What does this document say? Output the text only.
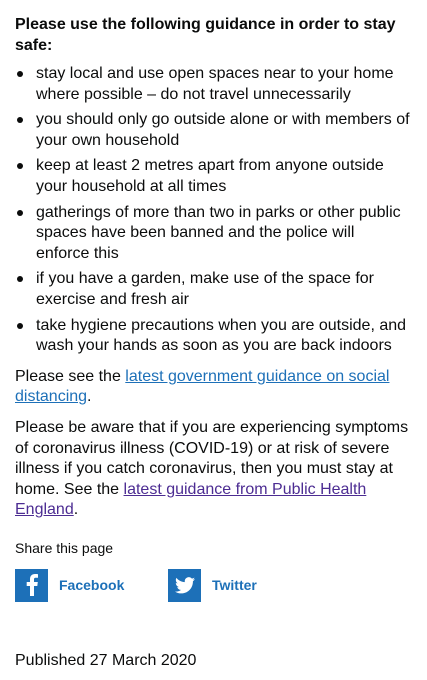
Please use the following guidance in order to stay safe:
stay local and use open spaces near to your home where possible – do not travel unnecessarily
you should only go outside alone or with members of your own household
keep at least 2 metres apart from anyone outside your household at all times
gatherings of more than two in parks or other public spaces have been banned and the police will enforce this
if you have a garden, make use of the space for exercise and fresh air
take hygiene precautions when you are outside, and wash your hands as soon as you are back indoors

Please see the latest government guidance on social distancing.

Please be aware that if you are experiencing symptoms of coronavirus illness (COVID-19) or at risk of severe illness if you catch coronavirus, then you must stay at home. See the latest guidance from Public Health England.

Share this page

Facebook	Twitter

Published 27 March 2020
